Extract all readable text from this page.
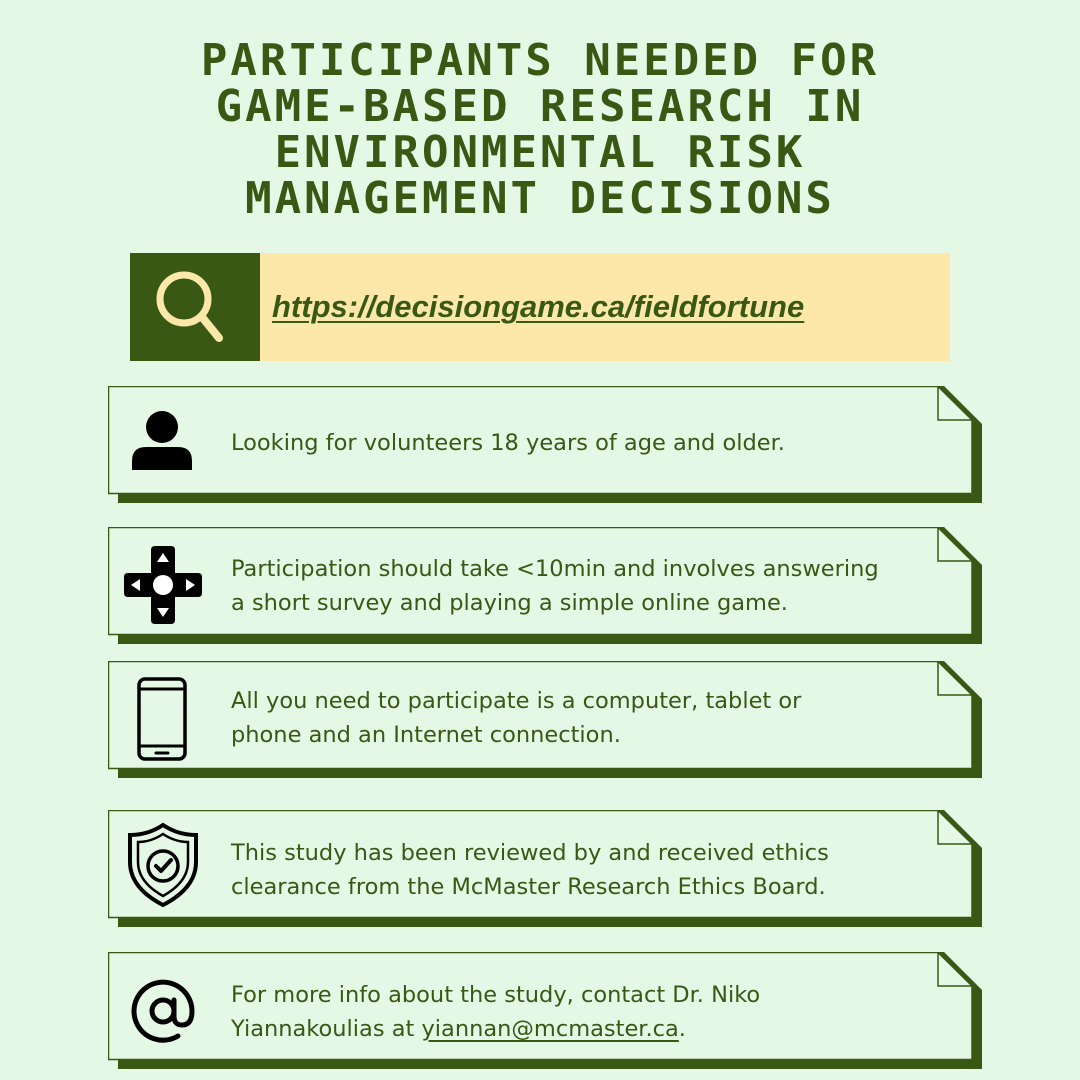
PARTICIPANTS NEEDED FOR
GAME-BASED RESEARCH IN
ENVIRONMENTAL RISK
MANAGEMENT DECISIONS
https://decisiongame.ca/fieldfortune
Looking for volunteers 18 years of age and older.
Participation should take <10min and involves answering
a short survey and playing a simple online game.
All you need to participate is a computer, tablet or
phone and an Internet connection.
This study has been reviewed by and received ethics
clearance from the McMaster Research Ethics Board.
For more info about the study, contact Dr. Niko
Yiannakoulias at yiannan@mcmaster.ca.
